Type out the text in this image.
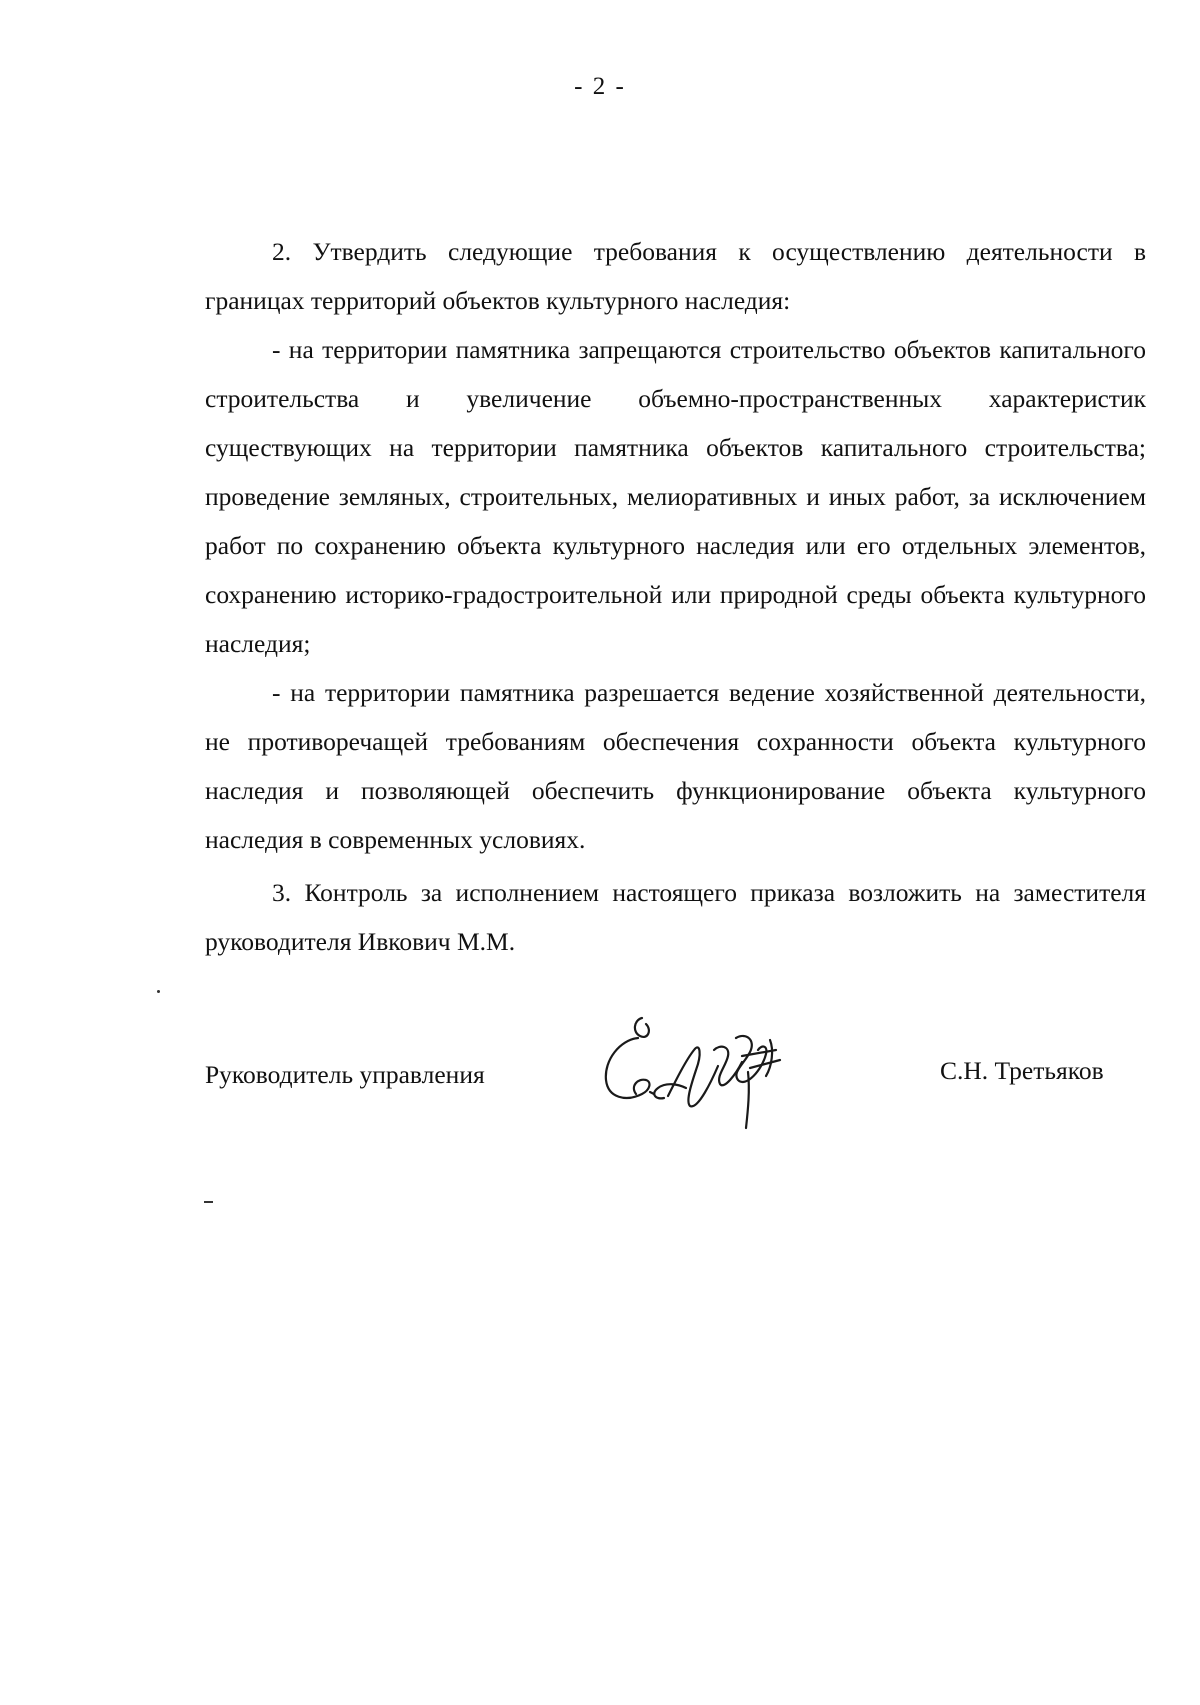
- 2 -

2. Утвердить следующие требования к осуществлению деятельности в границах территорий объектов культурного наследия:

- на территории памятника запрещаются строительство объектов капитального строительства и увеличение объемно-пространственных характеристик существующих на территории памятника объектов капитального строительства; проведение земляных, строительных, мелиоративных и иных работ, за исключением работ по сохранению объекта культурного наследия или его отдельных элементов, сохранению историко-градостроительной или природной среды объекта культурного наследия;

- на территории памятника разрешается ведение хозяйственной деятельности, не противоречащей требованиям обеспечения сохранности объекта культурного наследия и позволяющей обеспечить функционирование объекта культурного наследия в современных условиях.

3. Контроль за исполнением настоящего приказа возложить на заместителя руководителя Ивкович М.М.

Руководитель управления	С.Н. Третьяков
